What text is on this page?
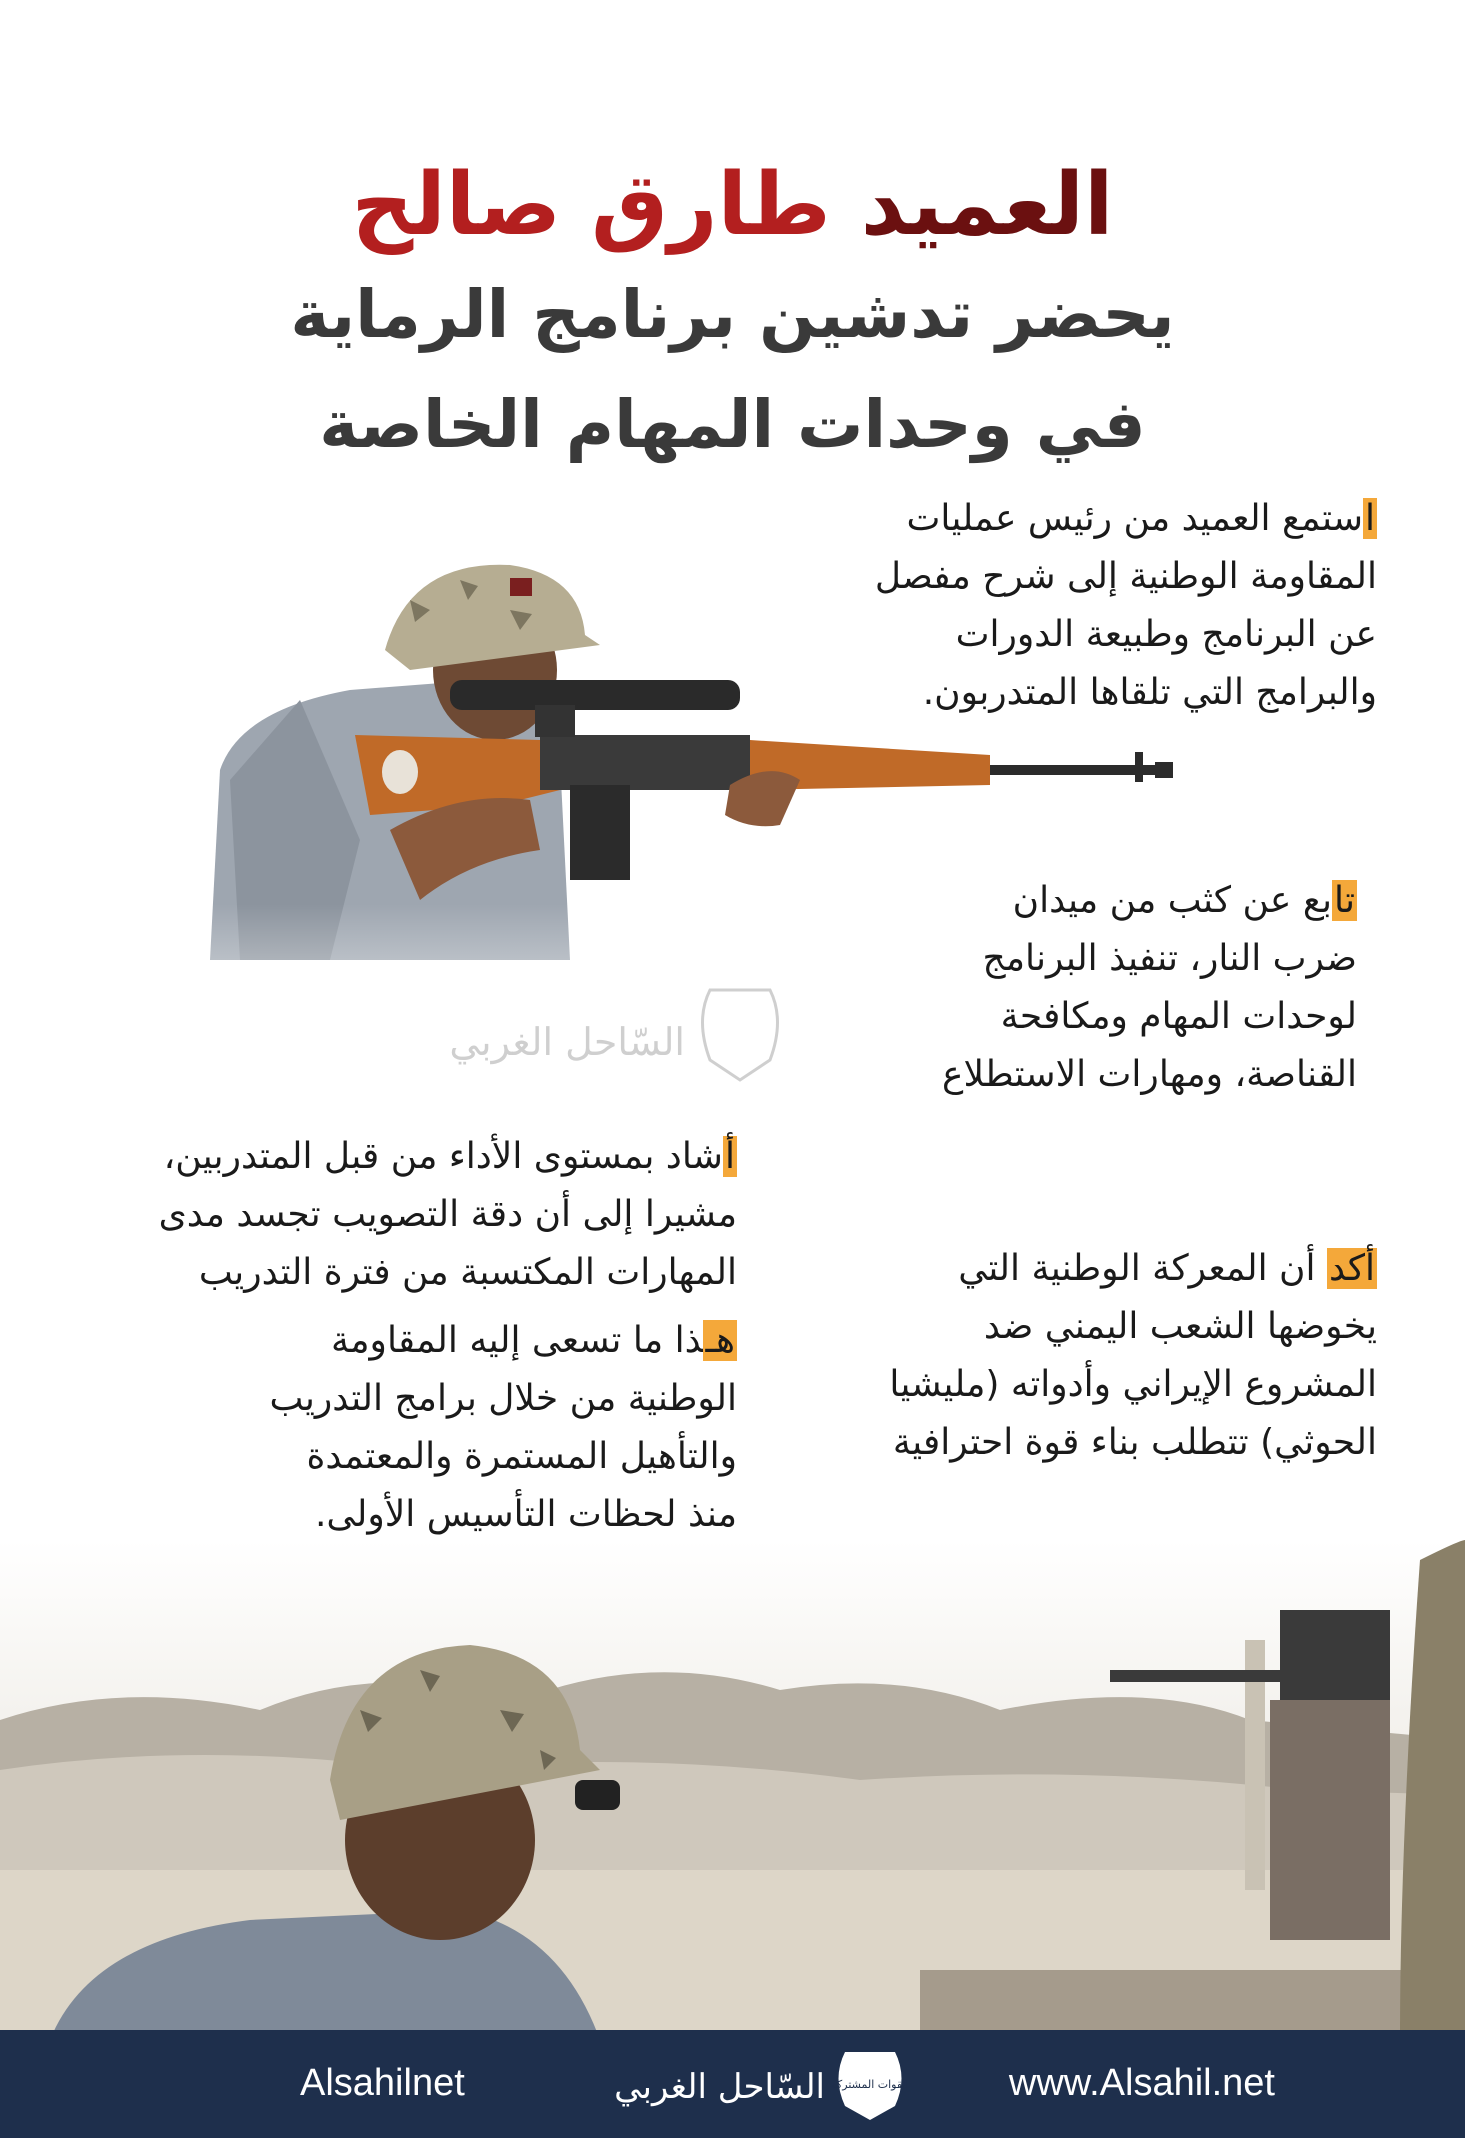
العميد طارق صالح
يحضر تدشين برنامج الرماية
في وحدات المهام الخاصة
السّاحل الغربي
استمع العميد من رئيس عمليات
المقاومة الوطنية إلى شرح مفصل
عن البرنامج وطبيعة الدورات
والبرامج التي تلقاها المتدربون.
تابع عن كثب من ميدان
ضرب النار، تنفيذ البرنامج
لوحدات المهام ومكافحة
القناصة، ومهارات الاستطلاع
أشاد بمستوى الأداء من قبل المتدربين،
مشيرا إلى أن دقة التصويب تجسد مدى
المهارات المكتسبة من فترة التدريب
هـذا ما تسعى إليه المقاومة
الوطنية من خلال برامج التدريب
والتأهيل المستمرة والمعتمدة
منذ لحظات التأسيس الأولى.
أكد أن المعركة الوطنية التي
يخوضها الشعب اليمني ضد
المشروع الإيراني وأدواته (مليشيا
الحوثي) تتطلب بناء قوة احترافية
Alsahilnet	القوات المشتركة
السّاحل الغربي	www.Alsahil.net
